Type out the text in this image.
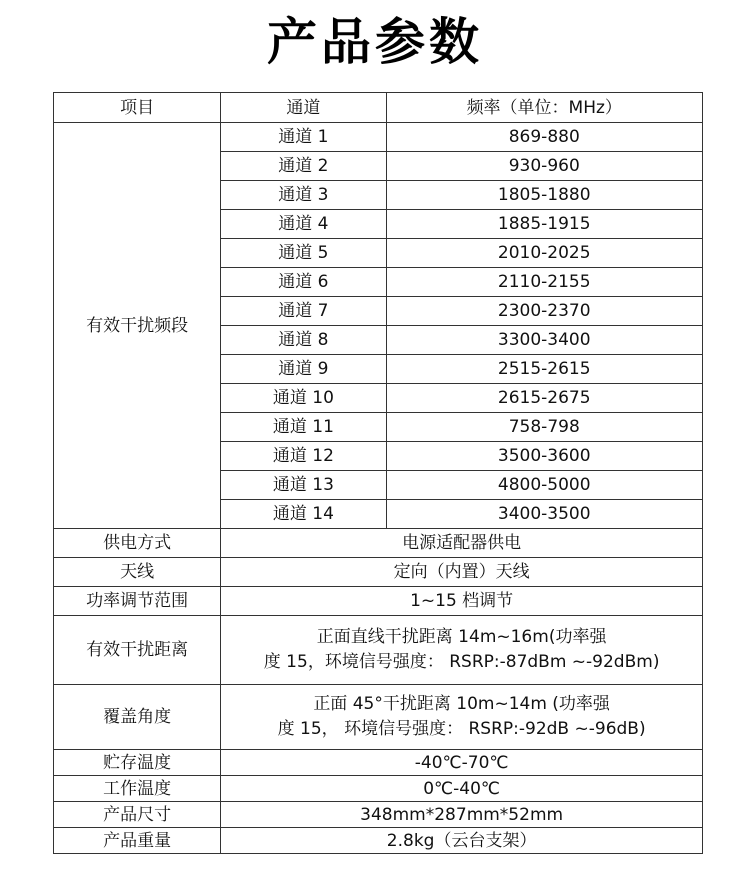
产品参数
项目	通道	频率（单位：MHz）
有效干扰频段	通道 1	869-880
	通道 2	930-960
	通道 3	1805-1880
	通道 4	1885-1915
	通道 5	2010-2025
	通道 6	2110-2155
	通道 7	2300-2370
	通道 8	3300-3400
	通道 9	2515-2615
	通道 10	2615-2675
	通道 11	758-798
	通道 12	3500-3600
	通道 13	4800-5000
	通道 14	3400-3500
供电方式	电源适配器供电	
天线	定向（内置）天线	
功率调节范围	1~15 档调节	
有效干扰距离	正面直线干扰距离 14m~16m(功率强
度 15，环境信号强度： RSRP:-87dBm ~-92dBm)	

覆盖角度	正面 45°干扰距离 10m~14m (功率强
度 15， 环境信号强度： RSRP:-92dB ~-96dB)	

贮存温度	-40℃-70℃	
工作温度	0℃-40℃	
产品尺寸	348mm*287mm*52mm	
产品重量	2.8kg（云台支架）	
